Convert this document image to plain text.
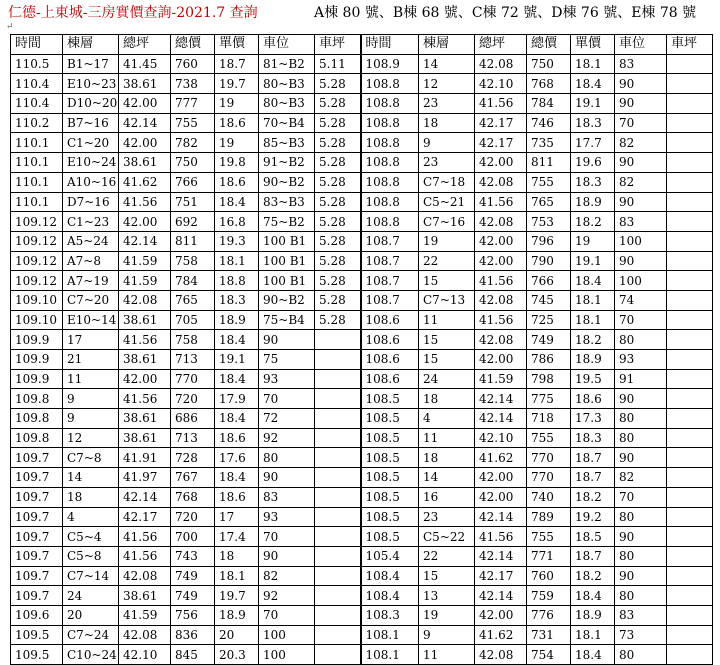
仁德-上東城-三房實價查詢-2021.7 查詢	A棟 80 號、B棟 68 號、C棟 72 號、D棟 76 號、E棟 78 號
↵
時間	棟層	總坪	總價	單價	車位	車坪	時間	棟層	總坪	總價	單價	車位	車坪
110.5	B1~17	41.45	760	18.7	81~B2	5.11	108.9	14	42.08	750	18.1	83	
110.4	E10~23	38.61	738	19.7	80~B3	5.28	108.8	12	42.10	768	18.4	90	
110.4	D10~20	42.00	777	19	80~B3	5.28	108.8	23	41.56	784	19.1	90	
110.2	B7~16	42.14	755	18.6	70~B4	5.28	108.8	18	42.17	746	18.3	70	
110.1	C1~20	42.00	782	19	85~B3	5.28	108.8	9	42.17	735	17.7	82	
110.1	E10~24	38.61	750	19.8	91~B2	5.28	108.8	23	42.00	811	19.6	90	
110.1	A10~16	41.62	766	18.6	90~B2	5.28	108.8	C7~18	42.08	755	18.3	82	
110.1	D7~16	41.56	751	18.4	83~B3	5.28	108.8	C5~21	41.56	765	18.9	90	
109.12	C1~23	42.00	692	16.8	75~B2	5.28	108.8	C7~16	42.08	753	18.2	83	
109.12	A5~24	42.14	811	19.3	100 B1	5.28	108.7	19	42.00	796	19	100	
109.12	A7~8	41.59	758	18.1	100 B1	5.28	108.7	22	42.00	790	19.1	90	
109.12	A7~19	41.59	784	18.8	100 B1	5.28	108.7	15	41.56	766	18.4	100	
109.10	C7~20	42.08	765	18.3	90~B2	5.28	108.7	C7~13	42.08	745	18.1	74	
109.10	E10~14	38.61	705	18.9	75~B4	5.28	108.6	11	41.56	725	18.1	70	
109.9	17	41.56	758	18.4	90		108.6	15	42.08	749	18.2	80	
109.9	21	38.61	713	19.1	75		108.6	15	42.00	786	18.9	93	
109.9	11	42.00	770	18.4	93		108.6	24	41.59	798	19.5	91	
109.8	9	41.56	720	17.9	70		108.5	18	42.14	775	18.6	90	
109.8	9	38.61	686	18.4	72		108.5	4	42.14	718	17.3	80	
109.8	12	38.61	713	18.6	92		108.5	11	42.10	755	18.3	80	
109.7	C7~8	41.91	728	17.6	80		108.5	18	41.62	770	18.7	90	
109.7	14	41.97	767	18.4	90		108.5	14	42.00	770	18.7	82	
109.7	18	42.14	768	18.6	83		108.5	16	42.00	740	18.2	70	
109.7	4	42.17	720	17	93		108.5	23	42.14	789	19.2	80	
109.7	C5~4	41.56	700	17.4	70		108.5	C5~22	41.56	755	18.5	90	
109.7	C5~8	41.56	743	18	90		105.4	22	42.14	771	18.7	80	
109.7	C7~14	42.08	749	18.1	82		108.4	15	42.17	760	18.2	90	
109.7	24	38.61	749	19.7	92		108.4	13	42.14	759	18.4	80	
109.6	20	41.59	756	18.9	70		108.3	19	42.00	776	18.9	83	
109.5	C7~24	42.08	836	20	100		108.1	9	41.62	731	18.1	73	
109.5	C10~24	42.10	845	20.3	100		108.1	11	42.08	754	18.4	80	
